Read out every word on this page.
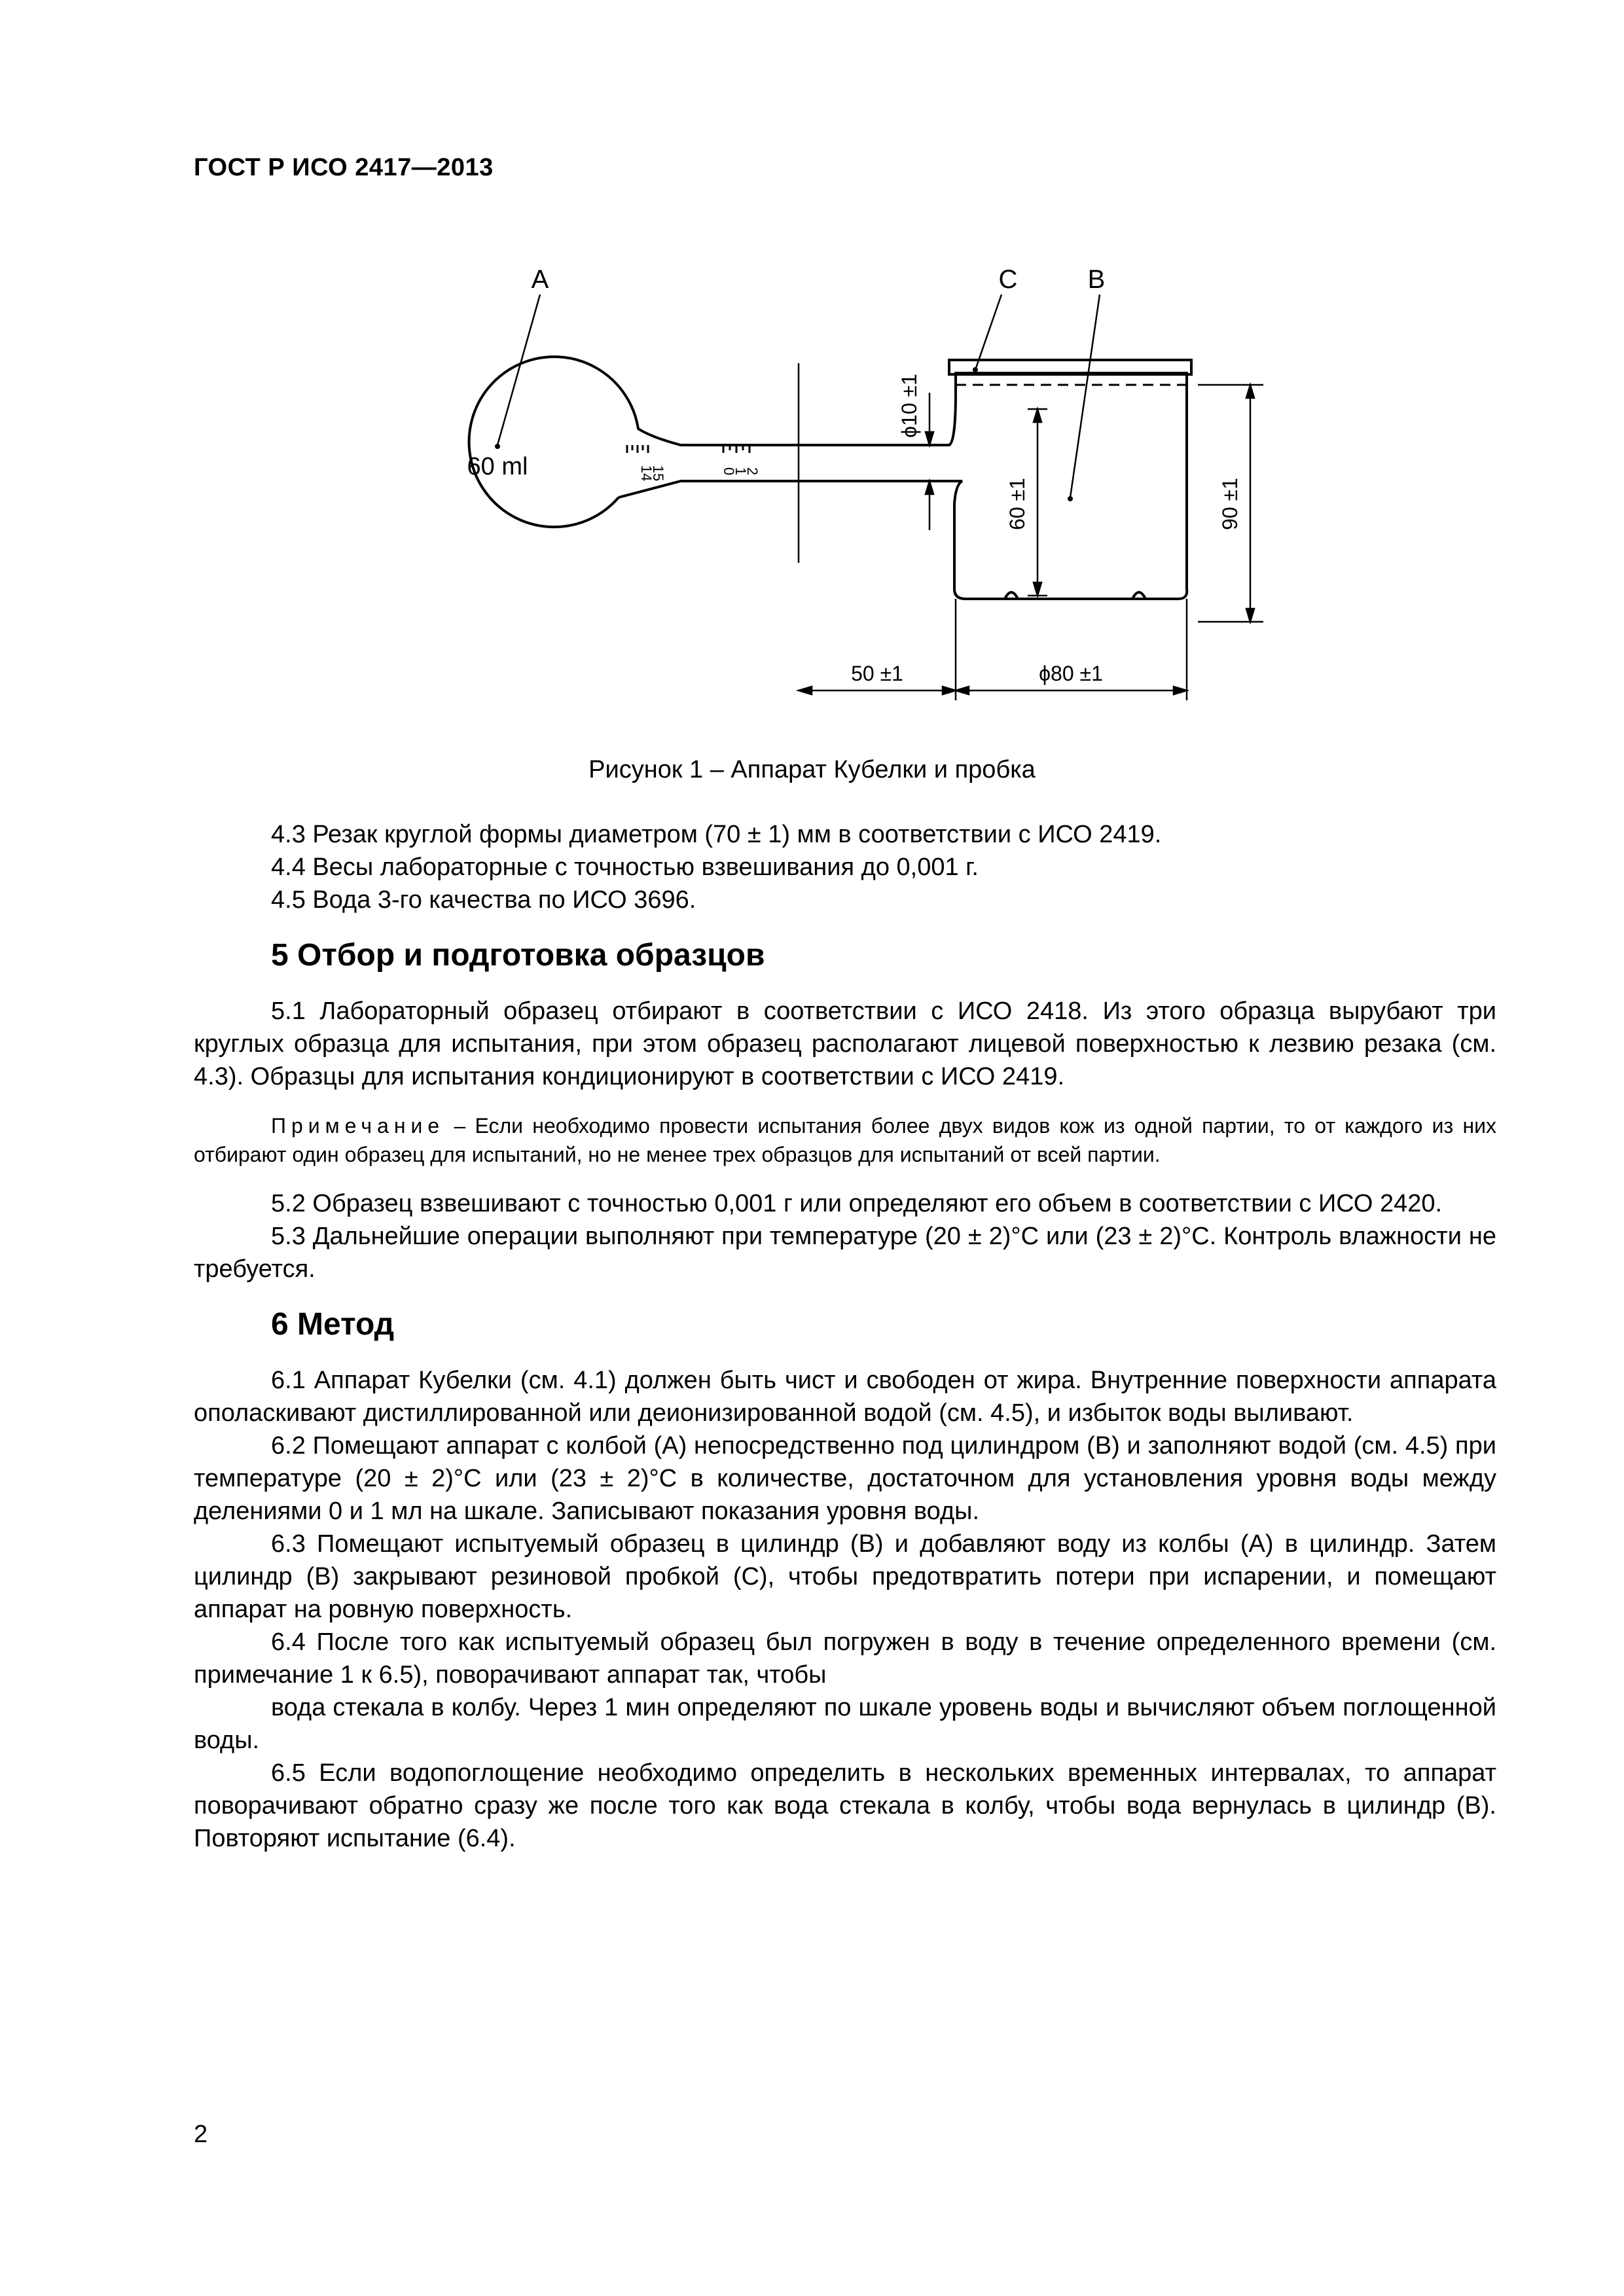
ГОСТ Р ИСО 2417—2013
A	C	B
60 ml	14
15	0
1
2
ϕ10 ±1
60 ±1	90 ±1
50 ±1	ϕ80 ±1
Рисунок 1 – Аппарат Кубелки и пробка

4.3 Резак круглой формы диаметром (70 ± 1) мм в соответствии с ИСО 2419.

4.4 Весы лабораторные с точностью взвешивания до 0,001 г.

4.5 Вода 3-го качества по ИСО 3696.

5 Отбор и подготовка образцов

5.1 Лабораторный образец отбирают в соответствии с ИСО 2418. Из этого образца вырубают три круглых образца для испытания, при этом образец располагают лицевой поверхностью к лезвию резака (см. 4.3). Образцы для испытания кондиционируют в соответствии с ИСО 2419.

Примечание – Если необходимо провести испытания более двух видов кож из одной партии, то от каждого из них отбирают один образец для испытаний, но не менее трех образцов для испытаний от всей партии.

5.2 Образец взвешивают с точностью 0,001 г или определяют его объем в соответствии с ИСО 2420.

5.3 Дальнейшие операции выполняют при температуре (20 ± 2)°C или (23 ± 2)°C. Контроль влажности не требуется.

6 Метод

6.1 Аппарат Кубелки (см. 4.1) должен быть чист и свободен от жира. Внутренние поверхности аппарата ополаскивают дистиллированной или деионизированной водой (см. 4.5), и избыток воды выливают.

6.2 Помещают аппарат с колбой (A) непосредственно под цилиндром (B) и заполняют водой (см. 4.5) при температуре (20 ± 2)°C или (23 ± 2)°C в количестве, достаточном для установления уровня воды между делениями 0 и 1 мл на шкале. Записывают показания уровня воды.

6.3 Помещают испытуемый образец в цилиндр (B) и добавляют воду из колбы (A) в цилиндр. Затем цилиндр (B) закрывают резиновой пробкой (C), чтобы предотвратить потери при испарении, и помещают аппарат на ровную поверхность.

6.4 После того как испытуемый образец был погружен в воду в течение определенного времени (см. примечание 1 к 6.5), поворачивают аппарат так, чтобы

вода стекала в колбу. Через 1 мин определяют по шкале уровень воды и вычисляют объем поглощенной воды.

6.5 Если водопоглощение необходимо определить в нескольких временных интервалах, то аппарат поворачивают обратно сразу же после того как вода стекала в колбу, чтобы вода вернулась в цилиндр (B). Повторяют испытание (6.4).

2
